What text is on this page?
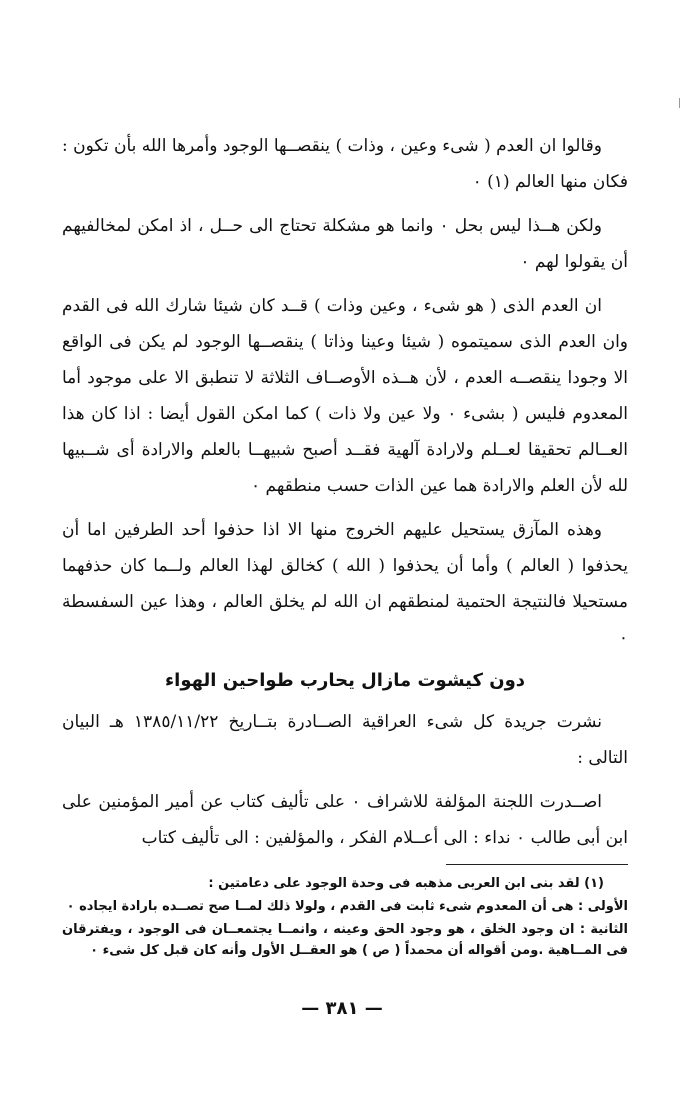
وقالوا ان العدم ( شىء وعين ، وذات ) ينقصــها الوجود وأمرها الله بأن تكون : فكان منها العالم (١) ٠

ولكن هــذا ليس بحل ٠ وانما هو مشكلة تحتاج الى حــل ، اذ امكن لمخالفيهم أن يقولوا لهم ٠

ان العدم الذى ( هو شىء ، وعين وذات ) قــد كان شيئا شارك الله فى القدم وان العدم الذى سميتموه ( شيئا وعينا وذاتا ) ينقصــها الوجود لم يكن فى الواقع الا وجودا ينقصــه العدم ، لأن هــذه الأوصــاف الثلاثة لا تنطبق الا على موجود أما المعدوم فليس ( بشىء ٠ ولا عين ولا ذات ) كما امكن القول أيضا : اذا كان هذا العــالم تحقيقا لعــلم ولارادة آلهية فقــد أصبح شبيهــا بالعلم والارادة أى شــبيها لله لأن العلم والارادة هما عين الذات حسب منطقهم ٠

وهذه المآزق يستحيل عليهم الخروج منها الا اذا حذفوا أحد الطرفين اما أن يحذفوا ( العالم ) وأما أن يحذفوا ( الله ) كخالق لهذا العالم ولــما كان حذفهما مستحيلا فالنتيجة الحتمية لمنطقهم ان الله لم يخلق العالم ، وهذا عين السفسطة ٠

دون كيشوت مازال يحارب طواحين الهواء

نشرت جريدة كل شىء العراقية الصــادرة بتــاريخ ١٣٨٥/١١/٢٢ هـ البيان التالى :

اصــدرت اللجنة المؤلفة للاشراف ٠ على تأليف كتاب عن أمير المؤمنين على ابن أبى طالب ٠ نداء : الى أعــلام الفكر ، والمؤلفين : الى تأليف كتاب

(١) لقد بنى ابن العربى مذهبه فى وحدة الوجود على دعامتين :

الأولى : هى أن المعدوم شىء ثابت فى القدم ، ولولا ذلك لمــا صح تصــده بارادة ايجاده ٠

الثانية : ان وجود الخلق ، هو وجود الحق وعينه ، وانمــا يجتمعــان فى الوجود ، ويفترقان فى المــاهية .ومن أقواله أن محمداً ( ص ) هو العقــل الأول وأنه كان قبل كل شىء ٠

— ٣٨١ —
